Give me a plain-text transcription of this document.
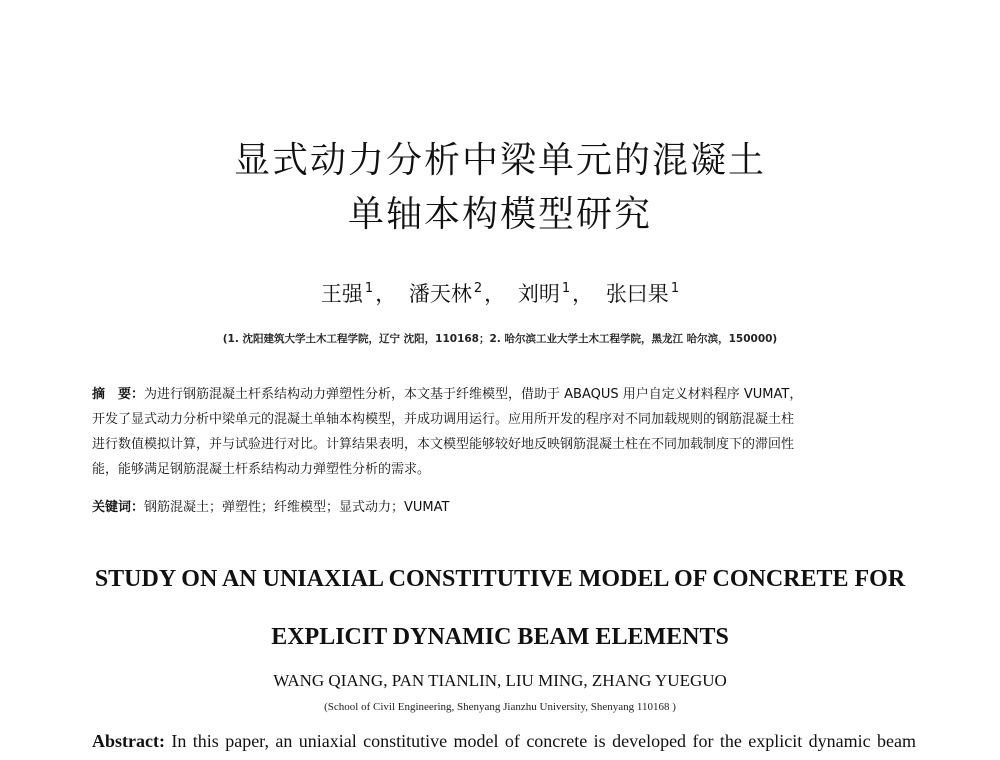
显式动力分析中梁单元的混凝土
单轴本构模型研究
王强 $^1$， 潘天林 $^2$， 刘明 $^1$， 张曰果 $^1$
(1. 沈阳建筑大学土木工程学院，辽宁 沈阳，110168；2. 哈尔滨工业大学土木工程学院，黑龙江 哈尔滨，150000)
摘　要：为进行钢筋混凝土杆系结构动力弹塑性分析，本文基于纤维模型，借助于 ABAQUS 用户自定义材料程序 VUMAT，
开发了显式动力分析中梁单元的混凝土单轴本构模型，并成功调用运行。应用所开发的程序对不同加载规则的钢筋混凝土柱
进行数值模拟计算，并与试验进行对比。计算结果表明，本文模型能够较好地反映钢筋混凝土柱在不同加载制度下的滞回性
能，能够满足钢筋混凝土杆系结构动力弹塑性分析的需求。
关键词：钢筋混凝土；弹塑性；纤维模型；显式动力；VUMAT
STUDY ON AN UNIAXIAL CONSTITUTIVE MODEL OF CONCRETE FOR
EXPLICIT DYNAMIC BEAM ELEMENTS
WANG QIANG, PAN TIANLIN, LIU MING, ZHANG YUEGUO
(School of Civil Engineering, Shenyang Jianzhu University, Shenyang 110168 )
Abstract: In this paper, an uniaxial constitutive model of concrete is developed for the explicit dynamic beam
